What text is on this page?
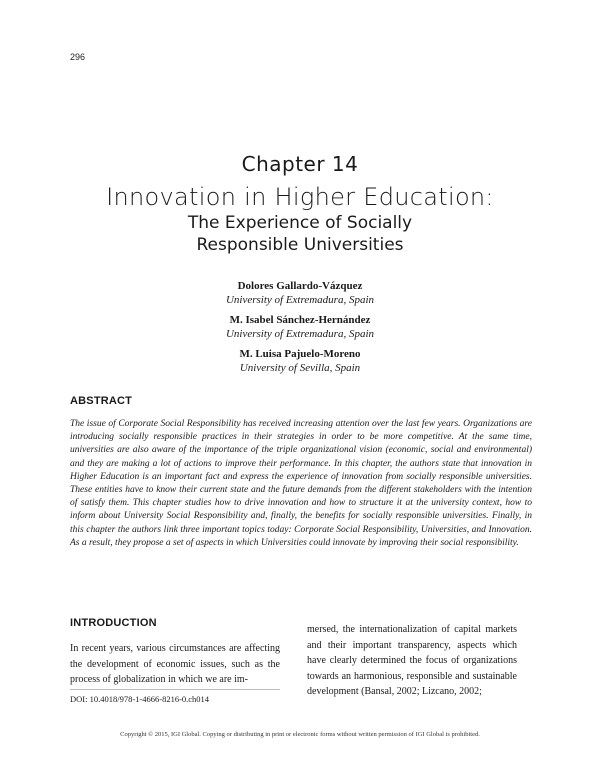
296
Chapter 14
Innovation in Higher Education:
The Experience of Socially
Responsible Universities
Dolores Gallardo-Vázquez
University of Extremadura, Spain
M. Isabel Sánchez-Hernández
University of Extremadura, Spain
M. Luisa Pajuelo-Moreno
University of Sevilla, Spain
ABSTRACT
The issue of Corporate Social Responsibility has received increasing attention over the last few years. Organizations are introducing socially responsible practices in their strategies in order to be more competitive. At the same time, universities are also aware of the importance of the triple organizational vision (economic, social and environmental) and they are making a lot of actions to improve their performance. In this chapter, the authors state that innovation in Higher Education is an important fact and express the experience of innovation from socially responsible universities. These entities have to know their current state and the future demands from the different stakeholders with the intention of satisfy them. This chapter studies how to drive innovation and how to structure it at the university context, how to inform about University Social Responsibility and, finally, the benefits for socially responsible universities. Finally, in this chapter the authors link three important topics today: Corporate Social Responsibility, Universities, and Innovation. As a result, they propose a set of aspects in which Universities could innovate by improving their social responsibility.
INTRODUCTION
In recent years, various circumstances are affecting the development of economic issues, such as the process of globalization in which we are im-
mersed, the internationalization of capital markets and their important transparency, aspects which have clearly determined the focus of organizations towards an harmonious, responsible and sustainable development (Bansal, 2002; Lizcano, 2002;
DOI: 10.4018/978-1-4666-8216-0.ch014
Copyright © 2015, IGI Global. Copying or distributing in print or electronic forms without written permission of IGI Global is prohibited.
